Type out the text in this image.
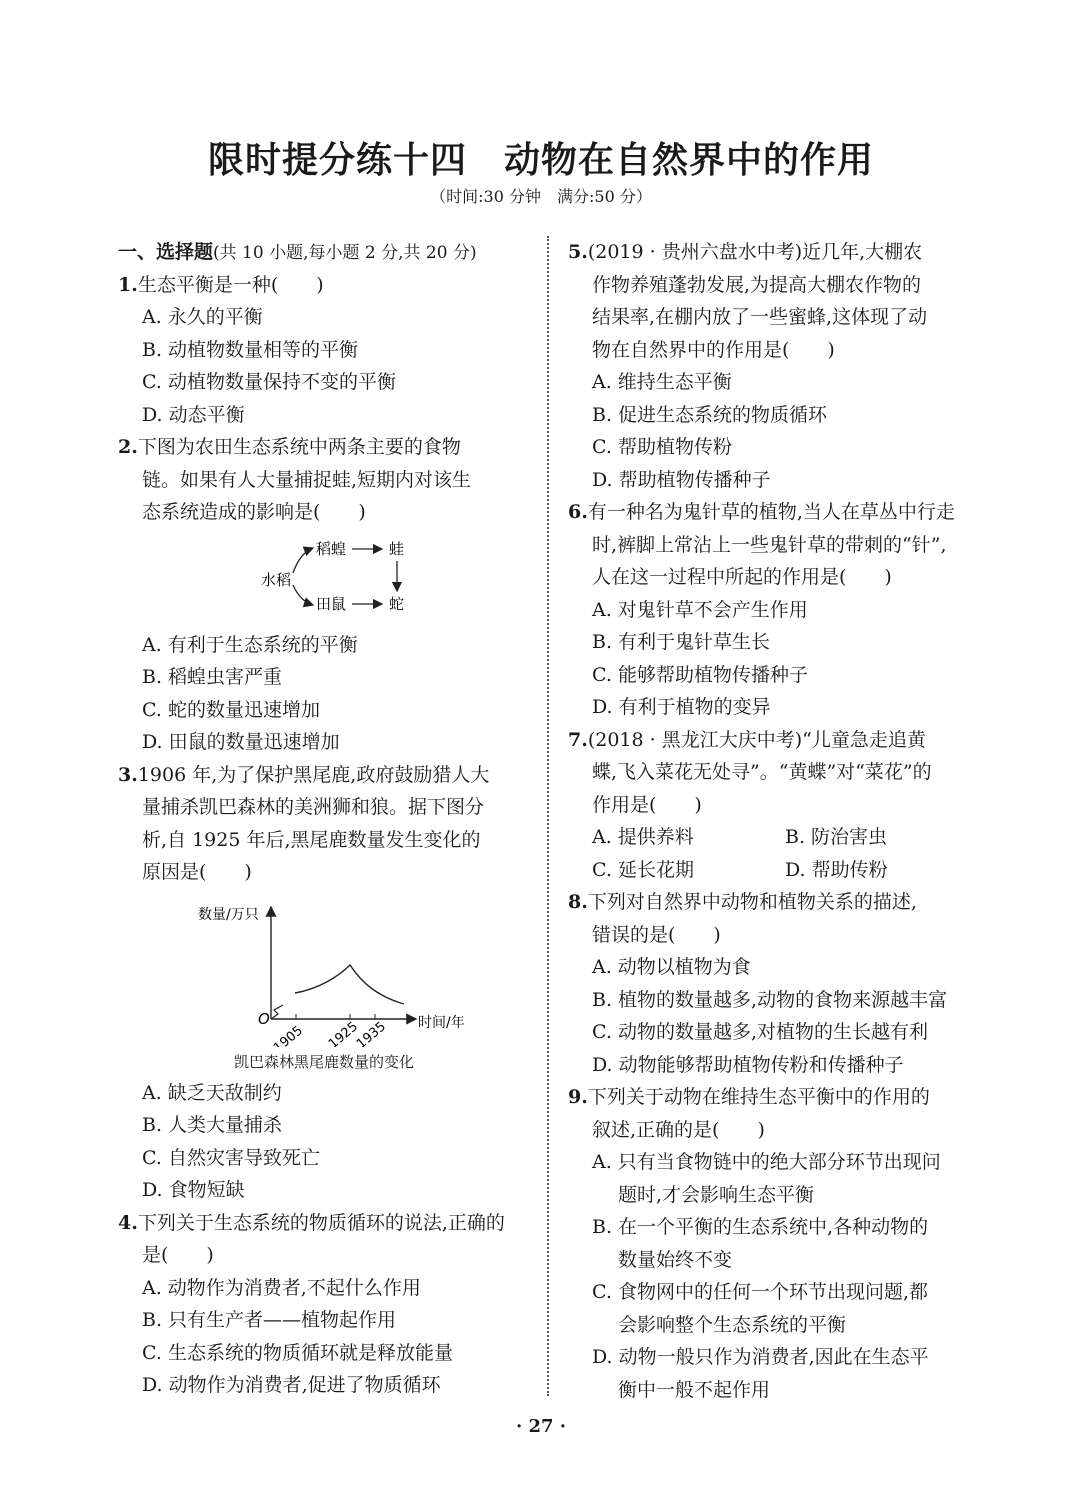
限时提分练十四　动物在自然界中的作用
（时间:30 分钟　满分:50 分）
一、选择题(共 10 小题,每小题 2 分,共 20 分)
1.生态平衡是一种(　　)
A. 永久的平衡
B. 动植物数量相等的平衡
C. 动植物数量保持不变的平衡
D. 动态平衡
2.下图为农田生态系统中两条主要的食物
链。如果有人大量捕捉蛙,短期内对该生
态系统造成的影响是(　　)
水稻
稻蝗	蛙
田鼠	蛇
A. 有利于生态系统的平衡
B. 稻蝗虫害严重
C. 蛇的数量迅速增加
D. 田鼠的数量迅速增加
3.1906 年,为了保护黑尾鹿,政府鼓励猎人大
量捕杀凯巴森林的美洲狮和狼。据下图分
析,自 1925 年后,黑尾鹿数量发生变化的
原因是(　　)
数量/万只
O
1905 1925
1935 时间/年
凯巴森林黑尾鹿数量的变化
A. 缺乏天敌制约
B. 人类大量捕杀
C. 自然灾害导致死亡
D. 食物短缺
4.下列关于生态系统的物质循环的说法,正确的
是(　　)
A. 动物作为消费者,不起什么作用
B. 只有生产者——植物起作用
C. 生态系统的物质循环就是释放能量
D. 动物作为消费者,促进了物质循环
5.(2019 · 贵州六盘水中考)近几年,大棚农
作物养殖蓬勃发展,为提高大棚农作物的
结果率,在棚内放了一些蜜蜂,这体现了动
物在自然界中的作用是(　　)
A. 维持生态平衡
B. 促进生态系统的物质循环
C. 帮助植物传粉
D. 帮助植物传播种子
6.有一种名为鬼针草的植物,当人在草丛中行走
时,裤脚上常沾上一些鬼针草的带刺的“针”,
人在这一过程中所起的作用是(　　)
A. 对鬼针草不会产生作用
B. 有利于鬼针草生长
C. 能够帮助植物传播种子
D. 有利于植物的变异
7.(2018 · 黑龙江大庆中考)“儿童急走追黄
蝶,飞入菜花无处寻”。“黄蝶”对“菜花”的
作用是(　　)
A. 提供养料	B. 防治害虫
C. 延长花期	D. 帮助传粉
8.下列对自然界中动物和植物关系的描述,
错误的是(　　)
A. 动物以植物为食
B. 植物的数量越多,动物的食物来源越丰富
C. 动物的数量越多,对植物的生长越有利
D. 动物能够帮助植物传粉和传播种子
9.下列关于动物在维持生态平衡中的作用的
叙述,正确的是(　　)
A. 只有当食物链中的绝大部分环节出现问
题时,才会影响生态平衡
B. 在一个平衡的生态系统中,各种动物的
数量始终不变
C. 食物网中的任何一个环节出现问题,都
会影响整个生态系统的平衡
D. 动物一般只作为消费者,因此在生态平
衡中一般不起作用
· 27 ·
